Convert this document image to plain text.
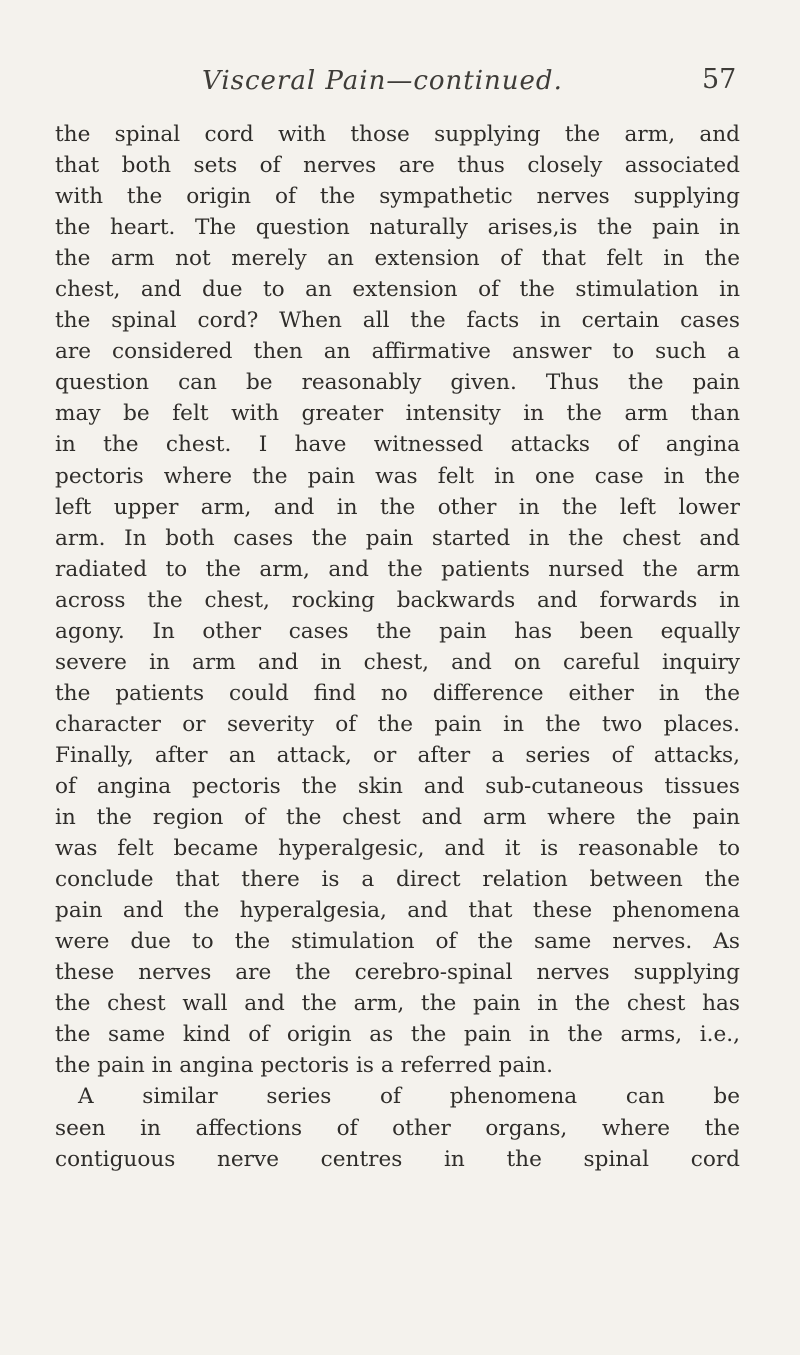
Visceral Pain—continued.	57
the spinal cord with those supplying the arm, and
that both sets of nerves are thus closely associated
with the origin of the sympathetic nerves supplying
the heart. The question naturally arises,is the pain in
the arm not merely an extension of that felt in the
chest, and due to an extension of the stimulation in
the spinal cord? When all the facts in certain cases
are considered then an affirmative answer to such a
question can be reasonably given. Thus the pain
may be felt with greater intensity in the arm than
in the chest. I have witnessed attacks of angina
pectoris where the pain was felt in one case in the
left upper arm, and in the other in the left lower
arm. In both cases the pain started in the chest and
radiated to the arm, and the patients nursed the arm
across the chest, rocking backwards and forwards in
agony. In other cases the pain has been equally
severe in arm and in chest, and on careful inquiry
the patients could find no difference either in the
character or severity of the pain in the two places.
Finally, after an attack, or after a series of attacks,
of angina pectoris the skin and sub-cutaneous tissues
in the region of the chest and arm where the pain
was felt became hyperalgesic, and it is reasonable to
conclude that there is a direct relation between the
pain and the hyperalgesia, and that these phenomena
were due to the stimulation of the same nerves. As
these nerves are the cerebro-spinal nerves supplying
the chest wall and the arm, the pain in the chest has
the same kind of origin as the pain in the arms, i.e.,
the pain in angina pectoris is a referred pain.
A similar series of phenomena can be
seen in affections of other organs, where the
contiguous nerve centres in the spinal cord
